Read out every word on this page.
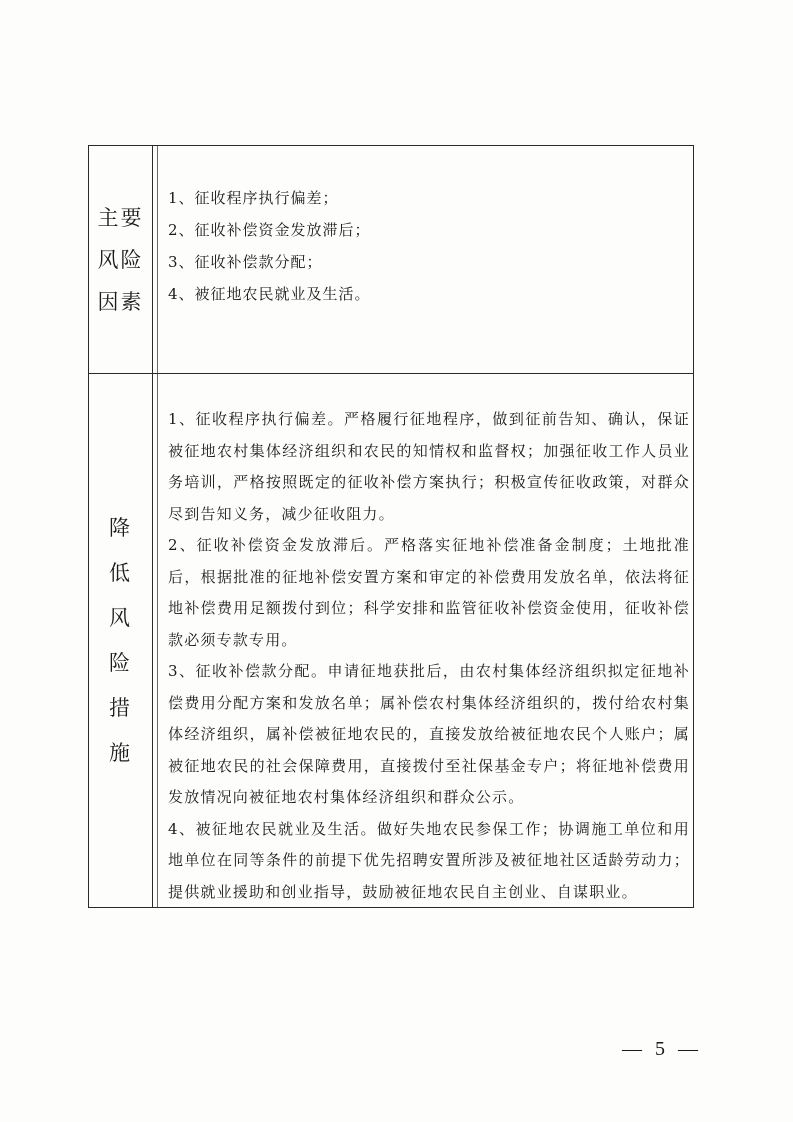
主要
风险
因素
1、征收程序执行偏差；
2、征收补偿资金发放滞后；
3、征收补偿款分配；
4、被征地农民就业及生活。
降
低
风
险
措
施

1、征收程序执行偏差。严格履行征地程序，做到征前告知、确认，保证被征地农村集体经济组织和农民的知情权和监督权；加强征收工作人员业务培训，严格按照既定的征收补偿方案执行；积极宣传征收政策，对群众尽到告知义务，减少征收阻力。

2、征收补偿资金发放滞后。严格落实征地补偿准备金制度；土地批准后，根据批准的征地补偿安置方案和审定的补偿费用发放名单，依法将征地补偿费用足额拨付到位；科学安排和监管征收补偿资金使用，征收补偿款必须专款专用。

3、征收补偿款分配。申请征地获批后，由农村集体经济组织拟定征地补偿费用分配方案和发放名单；属补偿农村集体经济组织的，拨付给农村集体经济组织，属补偿被征地农民的，直接发放给被征地农民个人账户；属被征地农民的社会保障费用，直接拨付至社保基金专户；将征地补偿费用发放情况向被征地农村集体经济组织和群众公示。

4、被征地农民就业及生活。做好失地农民参保工作；协调施工单位和用地单位在同等条件的前提下优先招聘安置所涉及被征地社区适龄劳动力；提供就业援助和创业指导，鼓励被征地农民自主创业、自谋职业。

— 5 —
